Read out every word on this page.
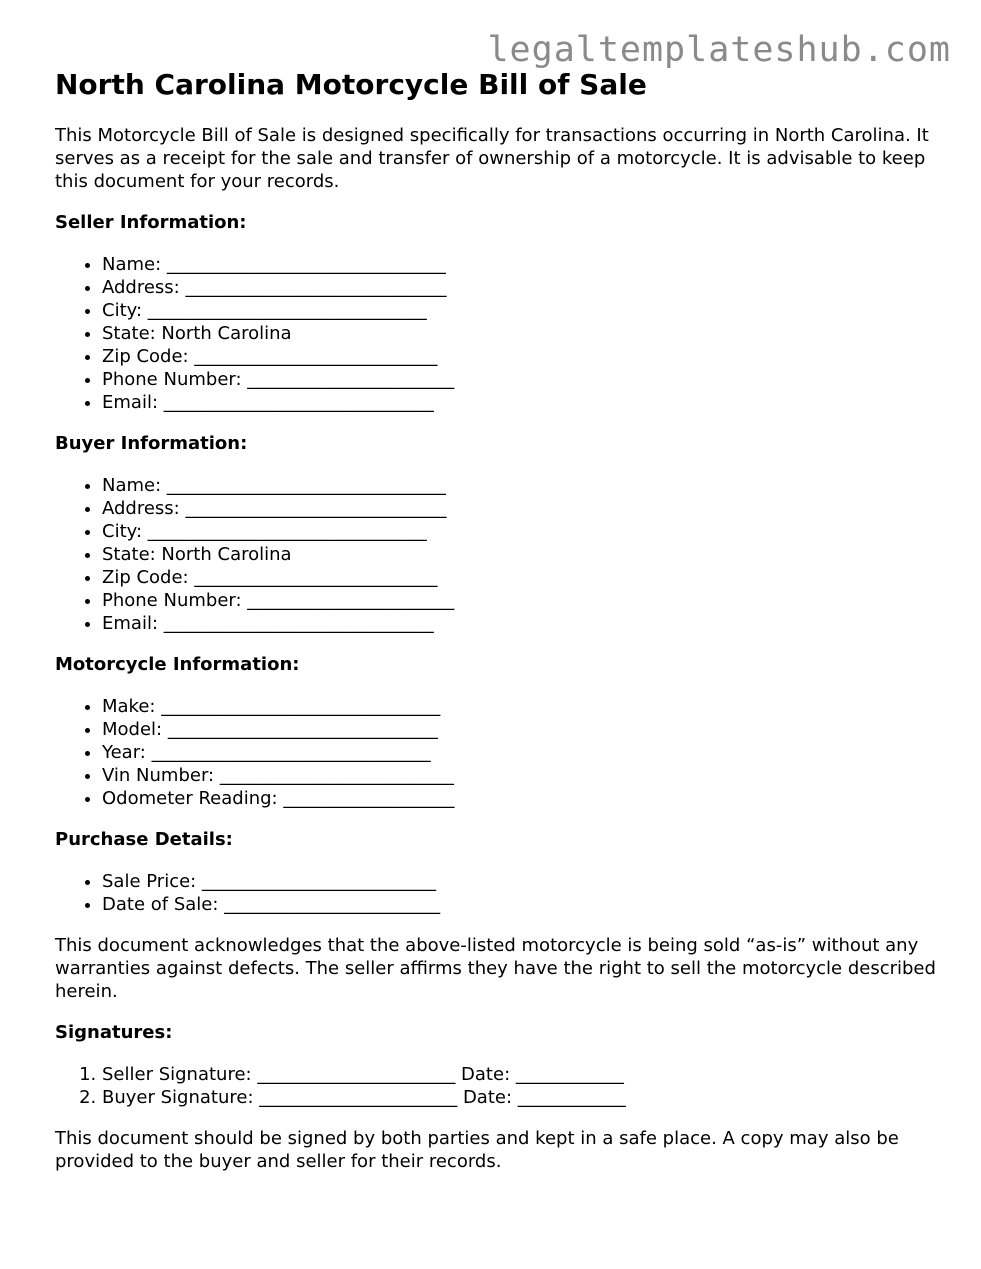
legaltemplateshub.com
North Carolina Motorcycle Bill of Sale

This Motorcycle Bill of Sale is designed specifically for transactions occurring in North Carolina. It serves as a receipt for the sale and transfer of ownership of a motorcycle. It is advisable to keep this document for your records.

Seller Information:
• Name: _______________________________
• Address: _____________________________
• City: _______________________________
• State: North Carolina
• Zip Code: ___________________________
• Phone Number: _______________________
• Email: ______________________________
Buyer Information:
• Name: _______________________________
• Address: _____________________________
• City: _______________________________
• State: North Carolina
• Zip Code: ___________________________
• Phone Number: _______________________
• Email: ______________________________
Motorcycle Information:
• Make: _______________________________
• Model: ______________________________
• Year: _______________________________
• Vin Number: __________________________
• Odometer Reading: ___________________
Purchase Details:
• Sale Price: __________________________
• Date of Sale: ________________________

This document acknowledges that the above-listed motorcycle is being sold “as-is” without any warranties against defects. The seller affirms they have the right to sell the motorcycle described herein.

Signatures:
1. Seller Signature: ______________________ Date: ____________
2. Buyer Signature: ______________________ Date: ____________

This document should be signed by both parties and kept in a safe place. A copy may also be provided to the buyer and seller for their records.
